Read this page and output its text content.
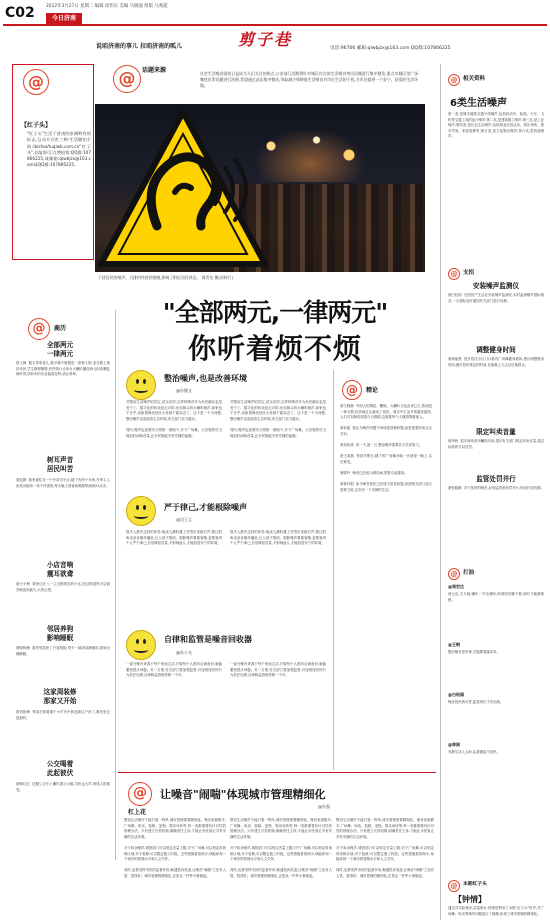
C02	今日济南
2012年3月27日 星期二 编辑 徐伟乐 美编 马晓迪 组版 马秀霞
说咱济南的事儿 拉咱济南的呱儿	剪子巷	电话:96706 邮箱:qlwbjzx@163.com QQ群:107866225
@	话题来源	社会生活噪音困扰日益成为人们关注的热点,公安部门近期将针对城区存在的生活噪音突出问题进行集中整治,重点对城区里广场舞扰民等问题进行治理,希望通过此次集中整治,争取减少和降低生活噪音对市民生活的干扰,为市民提供一个安宁、舒适的生活环境。
干扰居民的噪声、大排档经营到很晚,影响了附近居民休息。 周青先 摄(资料片)
@
【红子头】
"红子头"生活于济南的泉城特有的标志,互动方式有三种:生活随拍手机:ibisfoa/tuqiwb.com.cn"红子头",回复即可;点赞投票:QQ群:107866225,或邮箱:qlwbjzx@163.com或QQ群:107866225。
"全部两元,一律两元"
你听着烦不烦
@	鹿历
全部两元
一律两元
@王静  数字将零食儿,数字像不屑德见一条街上街,非无路上固持市民,学生横厚横靠,有些执行点卖台大喇叭播放两元叫卖嘈乱难听得,请问市的市业能改变吗,请让规章。
树耳声音
居民叫苦
@赵静  数家最住在一个开奇式小区,楼下有两个车库,车库主人用其出租给一家个体饭馆,每天晚上饭客吆喝猜拳闹到23点多。
小店音响
震耳欲聋
@王小利  我家住在八一立交桥附近的小区,经过街道每天店面音响放到最大,大的心慌。
邻居养狗
影响睡眠
@陈锋梅  我家邻居养了只宠物狗,每天一闻到动静就叫,影响全楼睡眠。
这家周装修
那家又开始
@刘阳峰  每周日都要那个小声音中间是新住户房了,唯家里总是那样。
公交喝着
此起彼伏
@陈红红  近期公交车上喇叭提示太响,司机也大声,吵得人很难受。
整治噪声,也是改善环境
@孙健文
对整治生活噪声的决定,说实在的,这样的噪音作为市民确实也是受不了。数字化的叫卖是反对的,比如街头的大喇叭噪声,商家也不在乎,但如果噪音扰民大家就不能容忍了。这不是一个小问题,整治噪声也是改善生活环境,有关部门应当落实。

同时,噪声也是城市文明的一面镜子,对于广场舞、大音箱等应当规范时间和音量,让市民都能享有安静的夜晚。
对整治生活噪声的决定,说实在的,这样的噪音作为市民确实也是受不了。数字化的叫卖是反对的,比如街头的大喇叭噪声,商家也不在乎,但如果噪音扰民大家就不能容忍了。这不是一个小问题,整治噪声也是改善生活环境,有关部门应当落实。

同时,噪声也是城市文明的一面镜子,对于广场舞、大音箱等应当规范时间和音量,让市民都能享有安静的夜晚。
严于律己,才能根除噪声
@段王文
很多人都有这样的体验:夜深人静时楼上突然传来敲打声,路边的叫卖录音循环播放,让人烦不胜烦。根除噪声要靠管理,更要靠每个人严于律己,自觉降低音量,不影响他人,才能营造安宁的环境。
很多人都有这样的体验:夜深人静时楼上突然传来敲打声,路边的叫卖录音循环播放,让人烦不胜烦。根除噪声要靠管理,更要靠每个人严于律己,自觉降低音量,不影响他人,才能营造安宁的环境。
自律和监管是噪音回收器
@孙小光
一部分噪音来源于每个家庭生活,只要每个人都有自律意识,就能避免很多问题。另一方面,有关部门要加强监管,对违规扰民的行为依法处理,自律和监管两者缺一不可。
一部分噪音来源于每个家庭生活,只要每个人都有自律意识,就能避免很多问题。另一方面,有关部门要加强监管,对违规扰民的行为依法处理,自律和监管两者缺一不可。
@	精论
@王晓静  中国人的烟花、鞭炮、大喇叭文化由来已久,热闹是一种习惯,但热闹过头就成了扰民。城市中生活节奏越来越快,人们对安静的渴望与日俱增,这需要每个人懂得尊重他人。

@孙振  我认为噪声问题不单纯是管理问题,而是需要形成社会共识。

@刘伟燕  说一千,道一万,整治噪声需要各方共同努力。

@王鸿燕  每到节假日,楼下的广场舞音响一开就是一晚上,实在难受。

@陈玲  噪音已经成为城市病,需要引起重视。

@林肖娟  如今噪音扰民已经成为常见问题,希望相关部门加大管理力度,还市民一个安静的生活。
@	让噪音"闹喘"体现城市管理精细化
@孙强
杠上花
整治生活噪声不能只靠一阵风,城市管理需要精细化。噪音来源繁多,广场舞、叫卖、装修、宠物、娱乐场所等,每一类都需要有针对性的管理办法。只有建立长效机制,明确责任主体,才能让市民真正享有安静的生活环境。

对于叫卖噪声,城管部门可以规定音量上限;对于广场舞,可以划定时间和区域;对于装修,可以限定施工时段。这些措施看似细小,却能体现一个城市的管理水平和人文关怀。

同时,也要发挥市民的监督作用,畅通投诉渠道,让噪音"闹喘"之处有人管、管得好。城市管理的精细化,正是从一件件小事做起。
整治生活噪声不能只靠一阵风,城市管理需要精细化。噪音来源繁多,广场舞、叫卖、装修、宠物、娱乐场所等,每一类都需要有针对性的管理办法。只有建立长效机制,明确责任主体,才能让市民真正享有安静的生活环境。

对于叫卖噪声,城管部门可以规定音量上限;对于广场舞,可以划定时间和区域;对于装修,可以限定施工时段。这些措施看似细小,却能体现一个城市的管理水平和人文关怀。

同时,也要发挥市民的监督作用,畅通投诉渠道,让噪音"闹喘"之处有人管、管得好。城市管理的精细化,正是从一件件小事做起。
整治生活噪声不能只靠一阵风,城市管理需要精细化。噪音来源繁多,广场舞、叫卖、装修、宠物、娱乐场所等,每一类都需要有针对性的管理办法。只有建立长效机制,明确责任主体,才能让市民真正享有安静的生活环境。

对于叫卖噪声,城管部门可以规定音量上限;对于广场舞,可以划定时间和区域;对于装修,可以限定施工时段。这些措施看似细小,却能体现一个城市的管理水平和人文关怀。

同时,也要发挥市民的监督作用,畅通投诉渠道,让噪音"闹喘"之处有人管、管得好。城市管理的精细化,正是从一件件小事做起。
@	相关资料
6类生活噪声
第一类,是城市道路交通干线噪声,包括机动车、轮船、火车、飞机等交通工具的运行噪声;第二类,是建筑施工噪声;第三类,是工业噪声;第四类,是社会生活噪声,包括商业经营活动、娱乐场所、集市贸易、家庭装修等;第五类,是文化娱乐噪声;第六类,是其他噪声。
@	支招
安装噪声监测仪
@白经国  在居民户生活区安装噪声监测仪,实时监测噪声超标情况,一旦超标及时通知有关部门进行处理。
调整健身时间
@徐丽燕  很多居住小区门口都有广场舞健身群体,建议调整健身时间,避开居民休息的时间,比如晚上九点以后就停止。
限定叫卖音量
@李秋  很多商家爱用喇叭叫卖,建议有关部门规定叫卖音量,超过标准的予以处罚。
监管处罚并行
@张晓静  对于扰民的噪音,应该监管和处罚并行,形成长效机制。
@	打油
@周宏达
两元店,天天闹,喇叭一开全城吵,吵得居民睡不着,何时才能静悄悄。
@王钢
整治噪音是好事,关键要看落实时。
@白经国
噪音扰民真可恶,监管到位才有出路。
@林刚
安静生活人人盼,从我做起不扰民。
@	本期红子头
【钟情】
通过对实际噪音,质量统计,特别是利用了本报"红子头"时声,对广场舞、叫卖等噪声问题进行了梳理,体现了城市管理的精细化。
